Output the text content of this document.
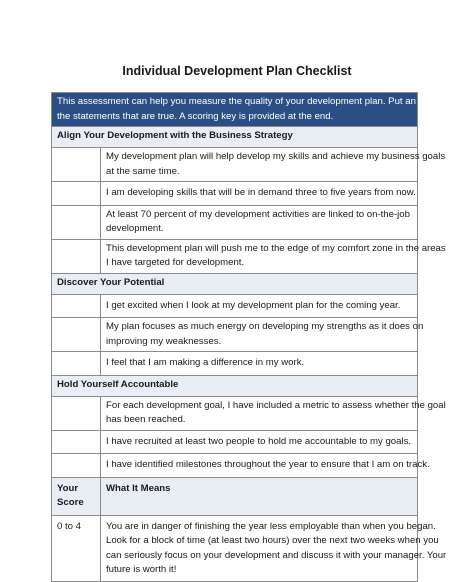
Individual Development Plan Checklist
This assessment can help you measure the quality of your development plan. Put an X next to
the statements that are true. A scoring key is provided at the end.	

Align Your Development with the Business Strategy	

	My development plan will help develop my skills and achieve my business goals
at the same time.

	I am developing skills that will be in demand three to five years from now.

	At least 70 percent of my development activities are linked to on-the-job
development.

	This development plan will push me to the edge of my comfort zone in the areas
I have targeted for development.

Discover Your Potential	

	I get excited when I look at my development plan for the coming year.

	My plan focuses as much energy on developing my strengths as it does on
improving my weaknesses.

	I feel that I am making a difference in my work.

Hold Yourself Accountable	

	For each development goal, I have included a metric to assess whether the goal
has been reached.

	I have recruited at least two people to hold me accountable to my goals.

	I have identified milestones throughout the year to ensure that I am on track.

Your Score	What It Means
0 to 4	You are in danger of finishing the year less employable than when you began.
Look for a block of time (at least two hours) over the next two weeks when you
can seriously focus on your development and discuss it with your manager. Your
future is worth it!
